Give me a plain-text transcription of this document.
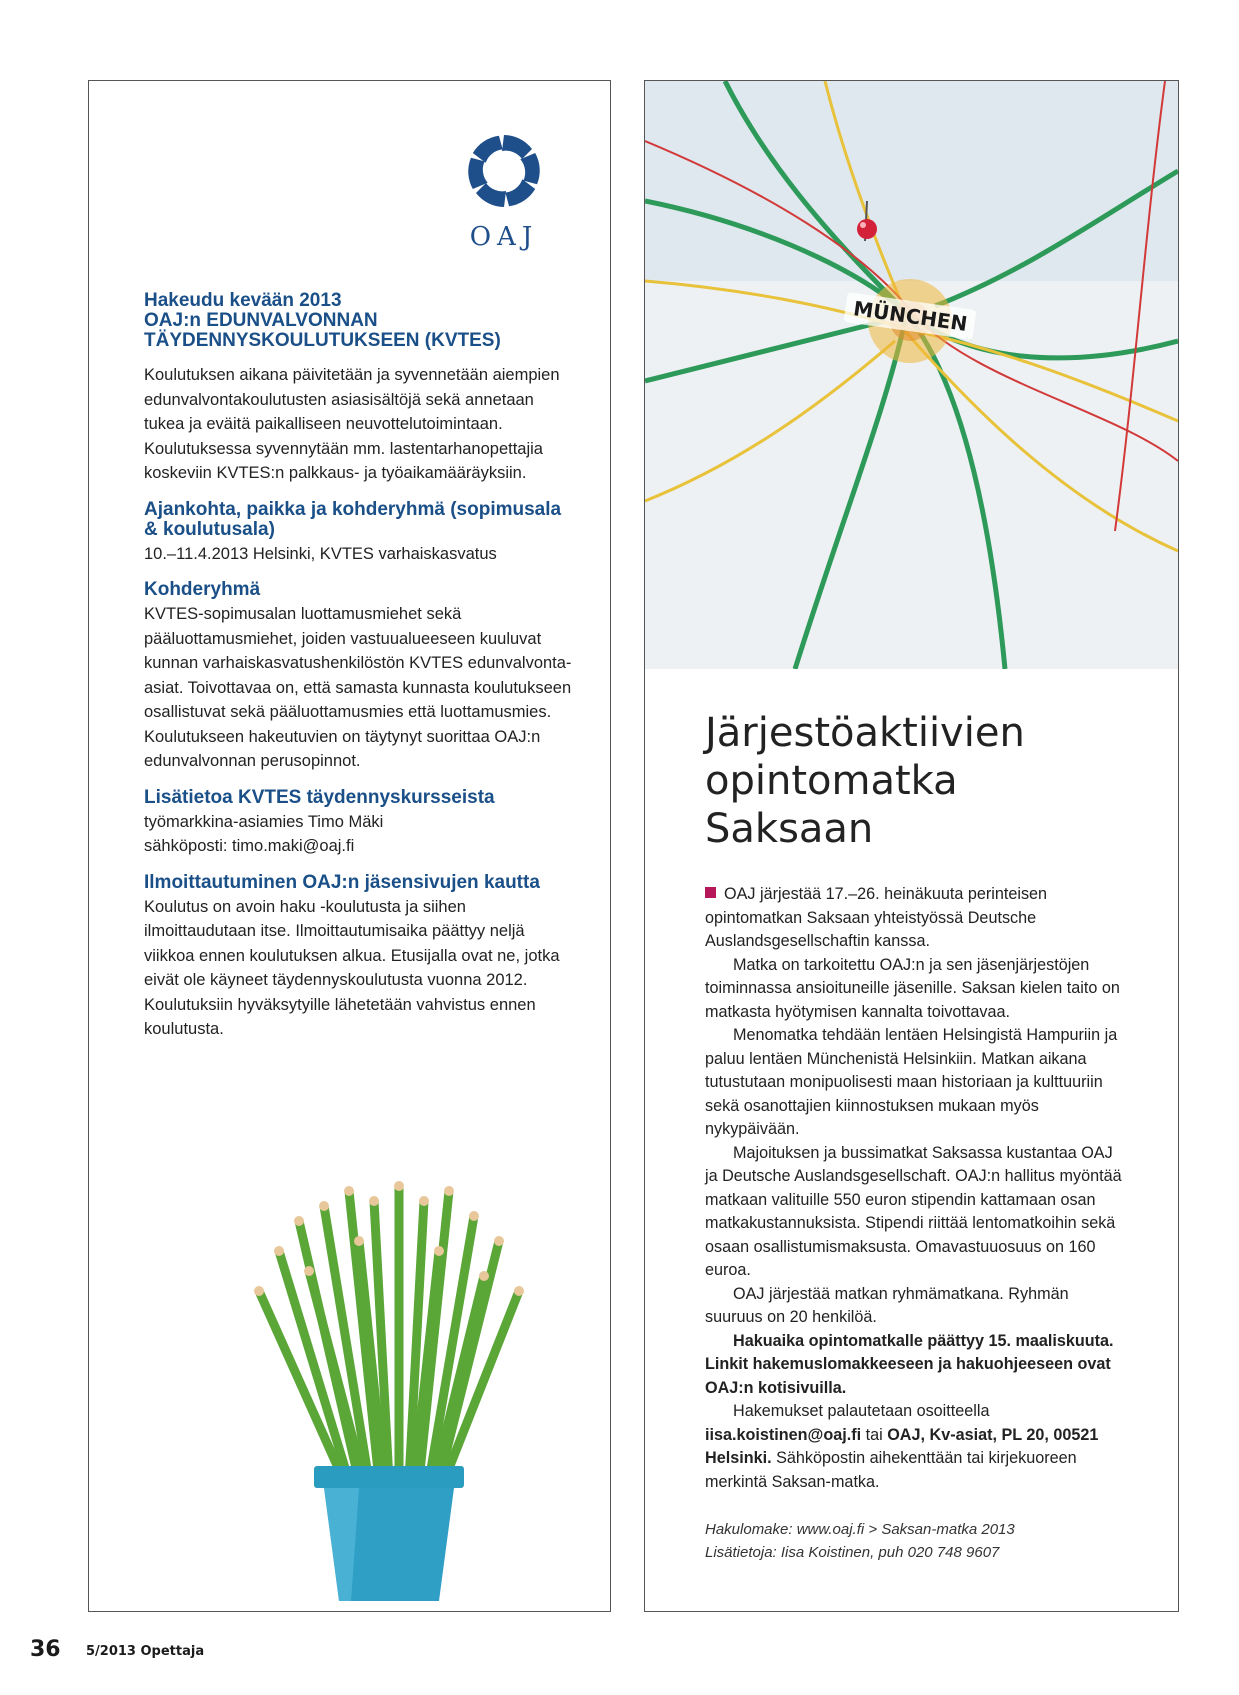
OAJ

Hakeudu kevään 2013

OAJ:n EDUNVALVONNAN

TÄYDENNYSKOULUTUKSEEN (KVTES)

Koulutuksen aikana päivitetään ja syvennetään aiempien edunvalvontakoulutusten asiasisältöjä sekä annetaan tukea ja eväitä paikalliseen neuvottelutoimintaan. Koulutuksessa syvennytään mm. lastentarhanopettajia koskeviin KVTES:n palkkaus- ja työaikamääräyksiin.

Ajankohta, paikka ja kohderyhmä (sopimusala & koulutusala)

10.–11.4.2013 Helsinki, KVTES varhaiskasvatus

Kohderyhmä

KVTES-sopimusalan luottamusmiehet sekä pääluottamusmiehet, joiden vastuualueeseen kuuluvat kunnan varhaiskasvatushenkilöstön KVTES edunvalvonta-asiat. Toivottavaa on, että samasta kunnasta koulutukseen osallistuvat sekä pääluottamusmies että luottamusmies. Koulutukseen hakeutuvien on täytynyt suorittaa OAJ:n edunvalvonnan perusopinnot.

Lisätietoa KVTES täydennyskursseista

työmarkkina-asiamies Timo Mäki

sähköposti: timo.maki@oaj.fi

Ilmoittautuminen OAJ:n jäsensivujen kautta

Koulutus on avoin haku -koulutusta ja siihen ilmoittaudutaan itse. Ilmoittautumisaika päättyy neljä viikkoa ennen koulutuksen alkua. Etusijalla ovat ne, jotka eivät ole käyneet täydennyskoulutusta vuonna 2012. Koulutuksiin hyväksytyille lähetetään vahvistus ennen koulutusta.

MÜNCHEN
Järjestöaktiivien
opintomatka
Saksaan

OAJ järjestää 17.–26. heinäkuuta perinteisen opintomatkan Saksaan yhteistyössä Deutsche Auslandsgesellschaftin kanssa.

Matka on tarkoitettu OAJ:n ja sen jäsenjärjestöjen toiminnassa ansioituneille jäsenille. Saksan kielen taito on matkasta hyötymisen kannalta toivottavaa.

Menomatka tehdään lentäen Helsingistä Hampuriin ja paluu lentäen Münchenistä Helsinkiin. Matkan aikana tutustutaan monipuolisesti maan historiaan ja kulttuuriin sekä osanottajien kiinnostuksen mukaan myös nykypäivään.

Majoituksen ja bussimatkat Saksassa kustantaa OAJ ja Deutsche Auslandsgesellschaft. OAJ:n hallitus myöntää matkaan valituille 550 euron stipendin kattamaan osan matkakustannuksista. Stipendi riittää lentomatkoihin sekä osaan osallistumismaksusta. Omavastuuosuus on 160 euroa.

OAJ järjestää matkan ryhmämatkana. Ryhmän suuruus on 20 henkilöä.

Hakuaika opintomatkalle päättyy 15. maaliskuuta. Linkit hakemuslomakkeeseen ja hakuohjeeseen ovat OAJ:n kotisivuilla.

Hakemukset palautetaan osoitteella iisa.koistinen@oaj.fi tai OAJ, Kv-asiat, PL 20, 00521 Helsinki. Sähköpostin aihekenttään tai kirjekuoreen merkintä Saksan-matka.

Hakulomake: www.oaj.fi > Saksan-matka 2013
Lisätietoja: Iisa Koistinen, puh 020 748 9607
36 5/2013 Opettaja
